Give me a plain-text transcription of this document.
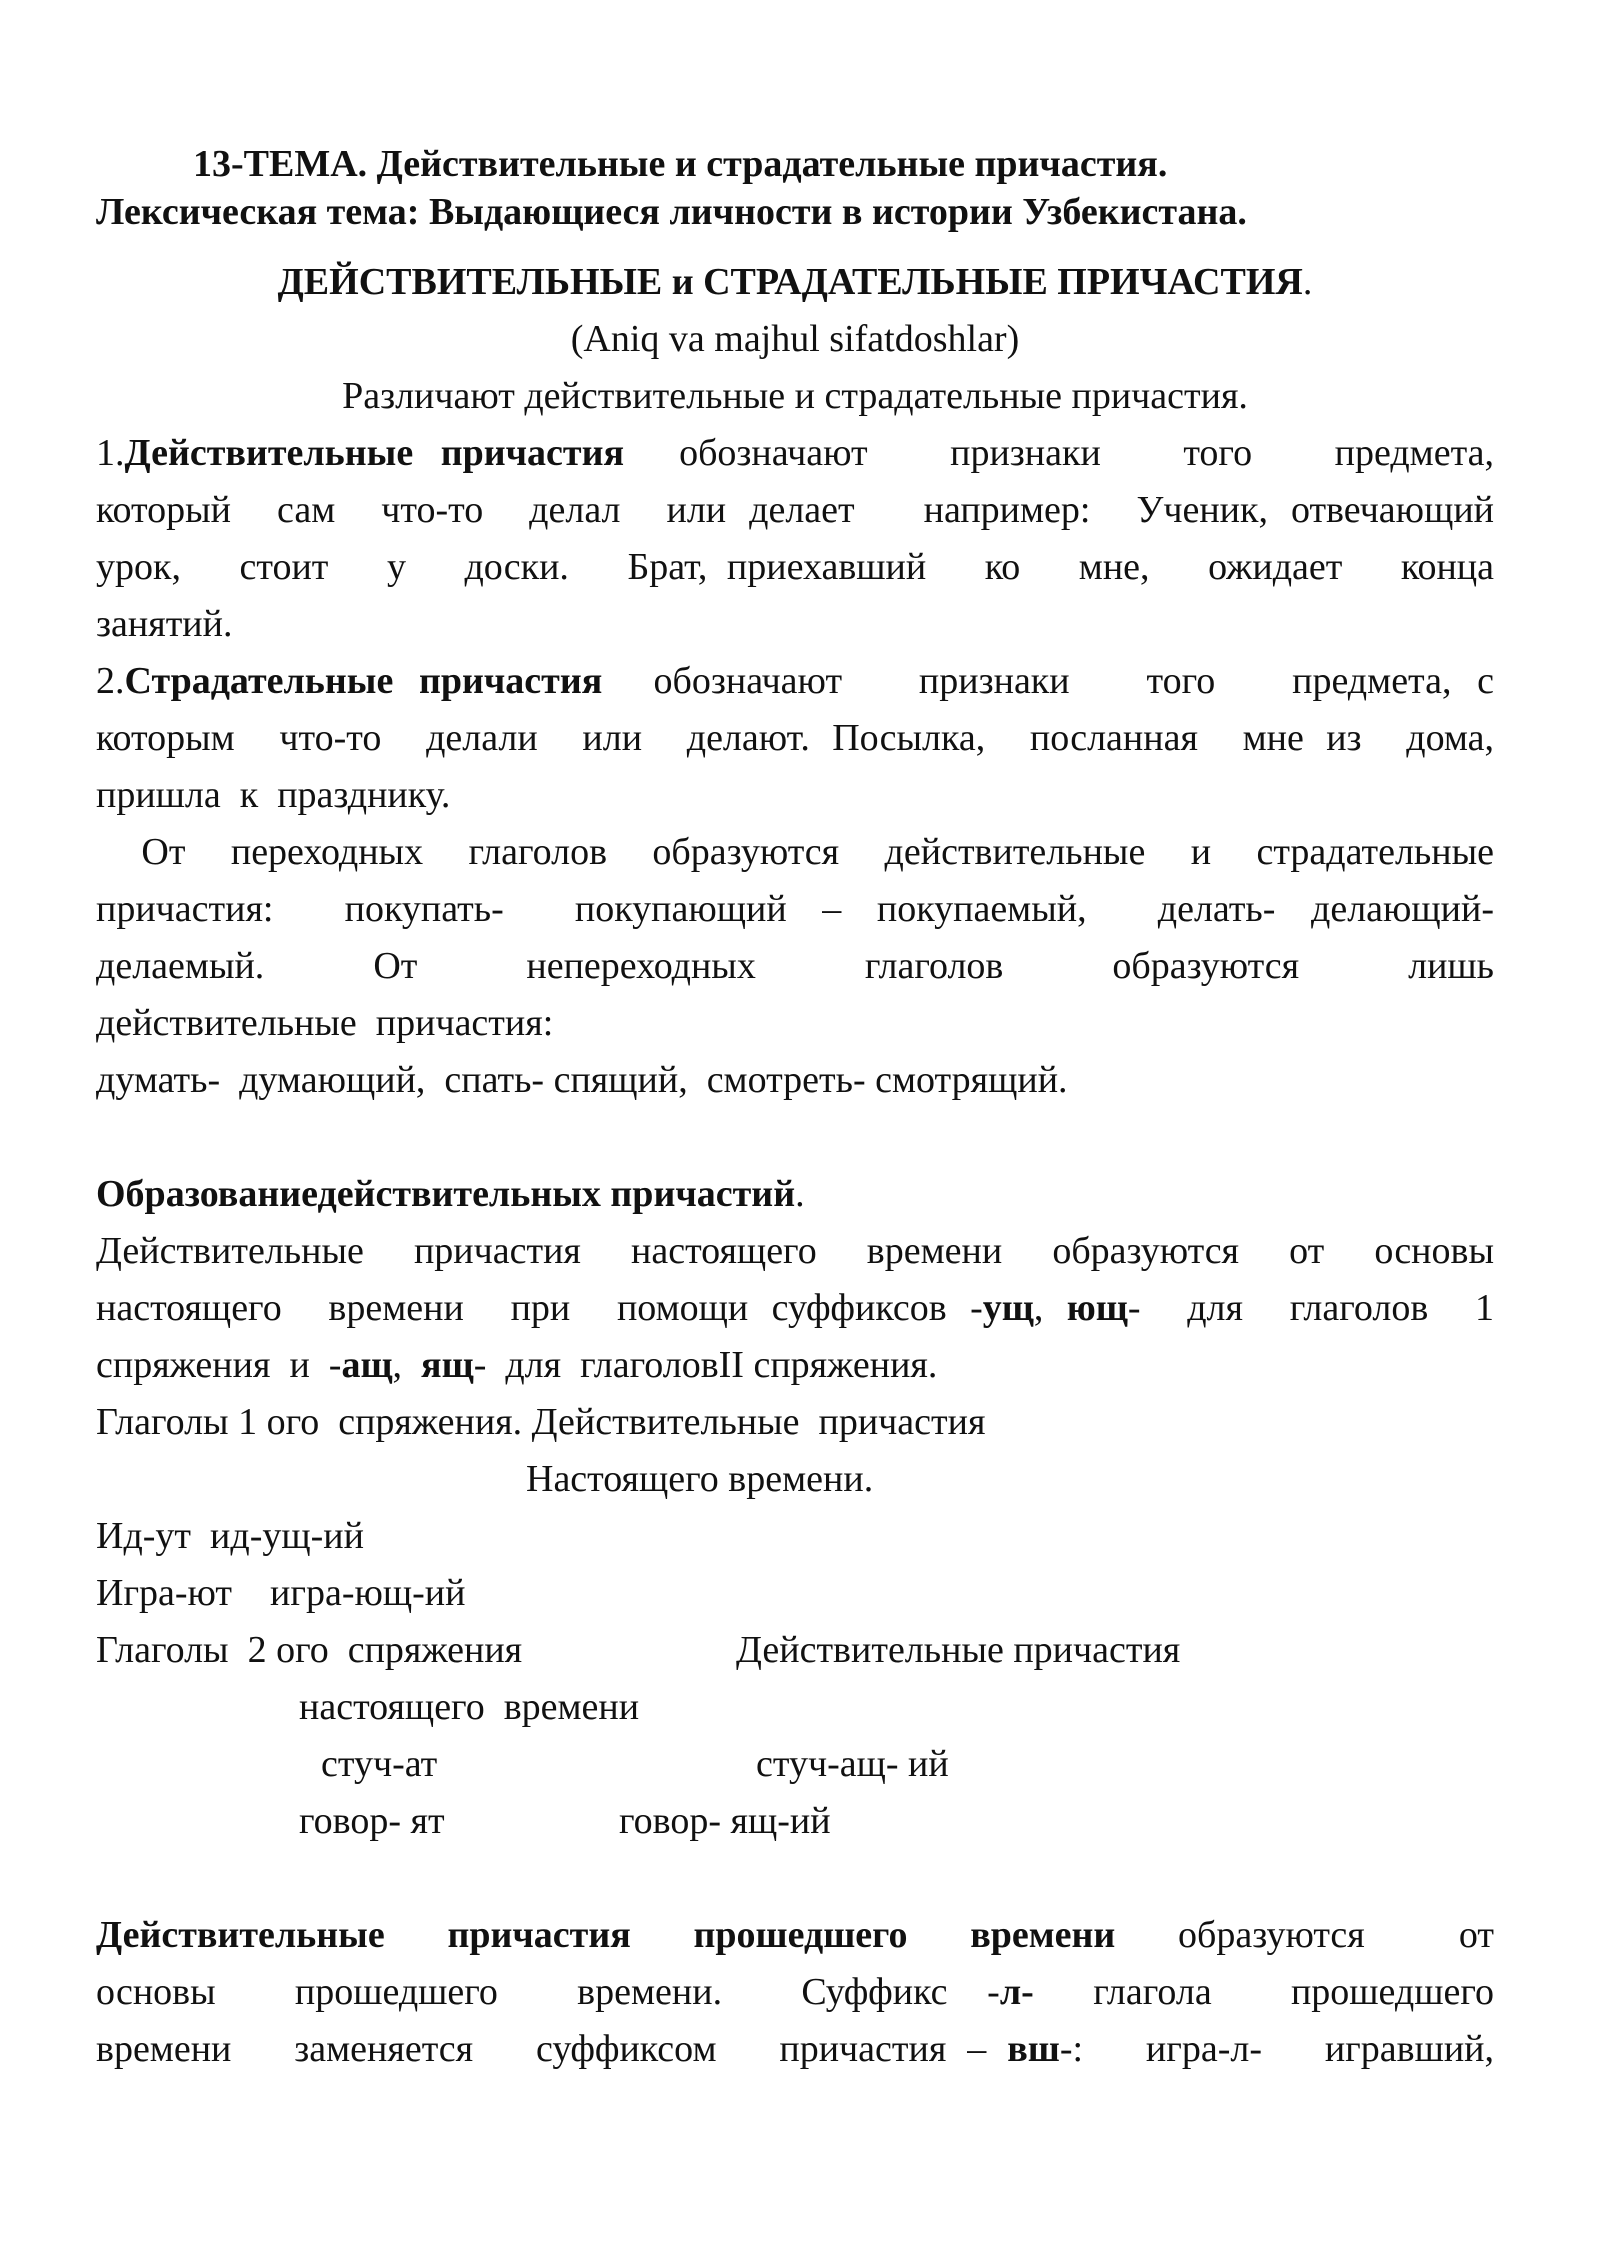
13-ТЕМА. Действительные и страдательные причастия.
Лексическая тема: Выдающиеся личности в истории Узбекистана.
ДЕЙСТВИТЕЛЬНЫЕ и СТРАДАТЕЛЬНЫЕ ПРИЧАСТИЯ.
(Aniq va majhul sifatdoshlar)
Различают действительные и страдательные причастия.
1.Действительные причастия  обозначают   признаки   того   предмета,
который  сам  что-то  делал  или делает   например:  Ученик, отвечающий
урок,   стоит   у   доски.   Брат, приехавший   ко   мне,   ожидает   конца
занятий.
2.Страдательные причастия  обозначают   признаки   того   предмета, с
которым  что-то  делали  или  делают. Посылка,  посланная  мне из  дома,
пришла  к  празднику.
От  переходных  глаголов  образуются  действительные  и  страдательные
причастия:  покупать-  покупающий – покупаемый,  делать- делающий-
делаемый.     От     непереходных     глаголов     образуются     лишь
действительные  причастия:
думать-  думающий,  спать- спящий,  смотреть- смотрящий.
Образованиедействительных причастий.
Действительные  причастия  настоящего  времени  образуются  от  основы
настоящего  времени  при  помощи суффиксов -ущ, ющ-  для  глаголов  1
спряжения  и  -ащ,  ящ-  для  глаголовII спряжения.
Глаголы 1 ого  спряжения. Действительные  причастия
Настоящего времени.
Ид-ут  ид-ущ-ий
Игра-ют    игра-ющ-ий
Глаголы  2 ого  спряжения	Действительные причастия
настоящего  времени
стуч-ат	стуч-ащ- ий
говор- ят	говор- ящ-ий
Действительные  причастия  прошедшего  времени  образуются   от
основы    прошедшего    времени.    Суффикс  -л-   глагола    прошедшего
времени   заменяется   суффиксом   причастия – вш-:   игра-л-   игравший,
